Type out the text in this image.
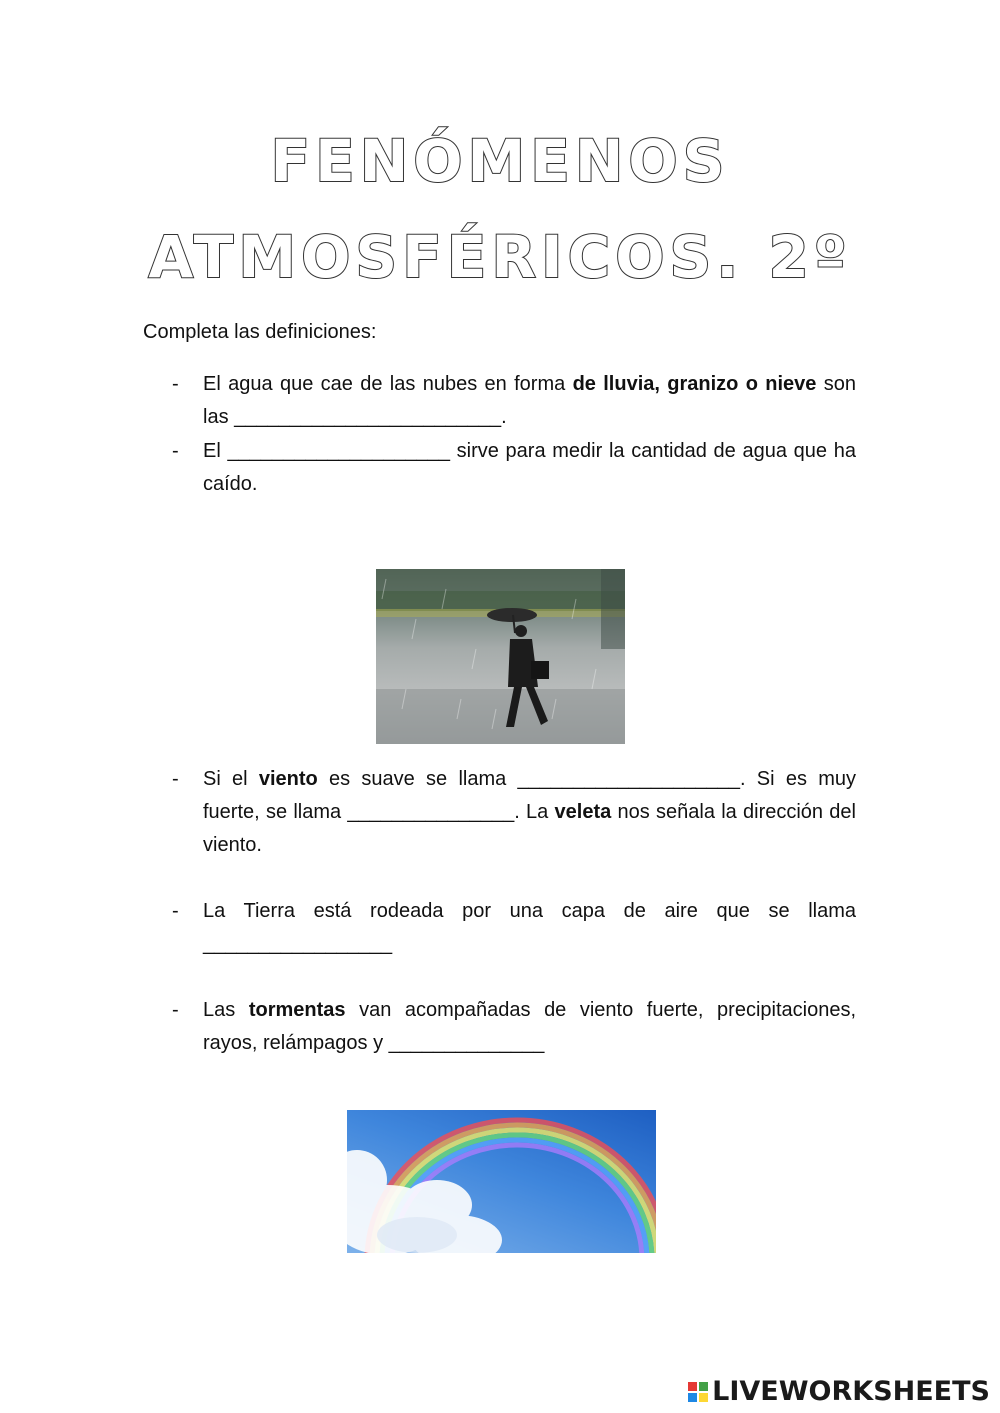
FENÓMENOS
ATMOSFÉRICOS. 2º
Completa las definiciones:
- El agua que cae de las nubes en forma de lluvia, granizo o nieve son las ________________________.
- El ____________________ sirve para medir la cantidad de agua que ha caído.
- Si el viento es suave se llama ____________________. Si es muy fuerte, se llama _______________. La veleta nos señala la dirección del viento.
- La Tierra está rodeada por una capa de aire que se llama _________________
- Las tormentas van acompañadas de viento fuerte, precipitaciones, rayos, relámpagos y ______________
LIVEWORKSHEETS
